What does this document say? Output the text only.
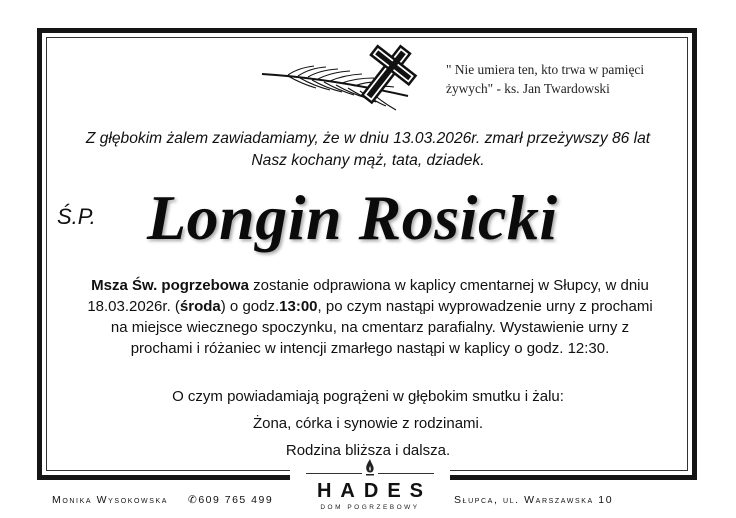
" Nie umiera ten, kto trwa w pamięci
żywych" - ks. Jan Twardowski
Z głębokim żalem zawiadamiamy, że w dniu 13.03.2026r. zmarł przeżywszy 86 lat
Nasz kochany mąż, tata, dziadek.
Ś.P. Longin Rosicki
Msza Św. pogrzebowa zostanie odprawiona w kaplicy cmentarnej w Słupcy, w dniu
18.03.2026r. (środa) o godz.13:00, po czym nastąpi wyprowadzenie urny z prochami
na miejsce wiecznego spoczynku, na cmentarz parafialny. Wystawienie urny z
prochami i różaniec w intencji zmarłego nastąpi w kaplicy o godz. 12:30.
O czym powiadamiają pogrążeni w głębokim smutku i żalu:
Żona, córka i synowie z rodzinami.
Rodzina bliższa i dalsza.
HADES
DOM POGRZEBOWY
Monika Wysokowska ✆609 765 499	Słupca, ul. Warszawska 10
